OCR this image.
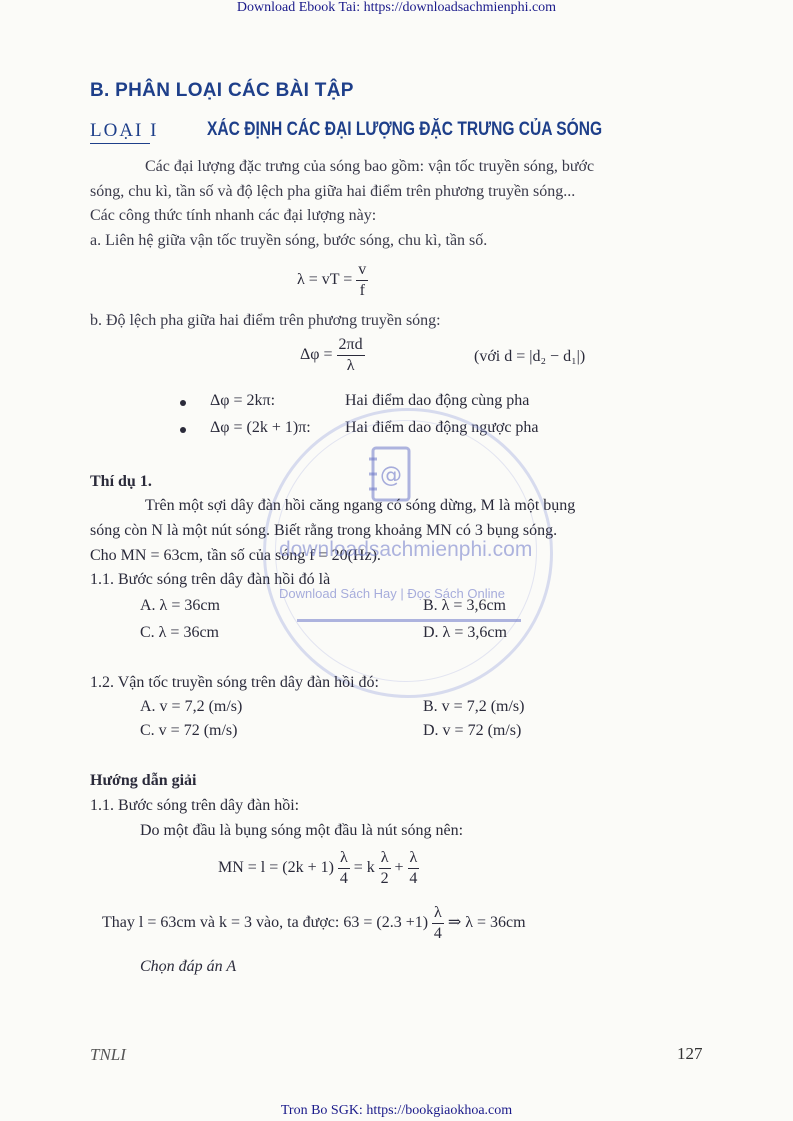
Download Ebook Tai: https://downloadsachmienphi.com
B. PHÂN LOẠI CÁC BÀI TẬP
LOẠI I	XÁC ĐỊNH CÁC ĐẠI LƯỢNG ĐẶC TRƯNG CỦA SÓNG
Các đại lượng đặc trưng của sóng bao gồm: vận tốc truyền sóng, bước
sóng, chu kì, tần số và độ lệch pha giữa hai điểm trên phương truyền sóng...
Các công thức tính nhanh các đại lượng này:
a. Liên hệ giữa vận tốc truyền sóng, bước sóng, chu kì, tần số.
λ = vT = $\frac{v}{f}$
b. Độ lệch pha giữa hai điểm trên phương truyền sóng:
$\Delta\varphi = \frac{2\pi d}{\lambda}$	(với d = |d₂ − d₁|)
Δφ = 2kπ:	Hai điểm dao động cùng pha
Δφ = (2k + 1)π: Hai điểm dao động ngược pha
@
Thí dụ 1.
Trên một sợi dây đàn hồi căng ngang có sóng dừng, M là một bụng
sóng còn N là một nút sóng. Biết rằng trong khoảng MN có 3 bụng sóng.
Cho MN = 63cm, tần số của sóng f = 20(Hz).
1.1. Bước sóng trên dây đàn hồi đó là
A. λ = 36cm	B. λ = 3,6cm
C. λ = 36cm	D. λ = 3,6cm
downloadsachmienphi.com
Download Sách Hay | Đọc Sách Online
1.2. Vận tốc truyền sóng trên dây đàn hồi đó:
A. v = 7,2 (m/s)	B. v = 7,2 (m/s)
C. v = 72 (m/s)	D. v = 72 (m/s)
Hướng dẫn giải
1.1. Bước sóng trên dây đàn hồi:
Do một đầu là bụng sóng một đầu là nút sóng nên:
MN = $l = (2k + 1) \frac{\lambda}{4} = k \frac{\lambda}{2} + \frac{\lambda}{4}$
Thay l = 63cm và k = 3 vào, ta được: $63 = (2.3 +1) \frac{\lambda}{4}$ ⇒ λ = 36cm
Chọn đáp án A
TNLI	127
Tron Bo SGK: https://bookgiaokhoa.com
